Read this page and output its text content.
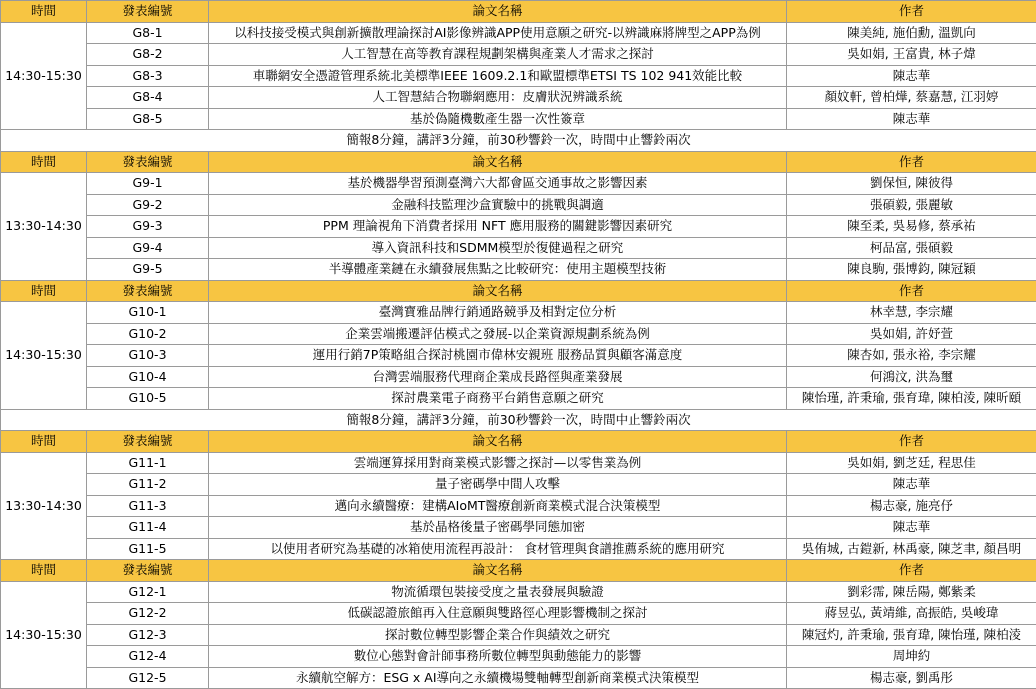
時間	發表編號	論文名稱	作者
14:30-15:30	G8-1	以科技接受模式與創新擴散理論探討AI影像辨識APP使用意願之研究-以辨識麻將牌型之APP為例	陳美純, 施伯勳, 溫凱向
	G8-2	人工智慧在高等教育課程規劃架構與產業人才需求之探討	吳如娟, 王富貴, 林子煒
	G8-3	車聯網安全憑證管理系統北美標準IEEE 1609.2.1和歐盟標準ETSI TS 102 941效能比較	陳志華
	G8-4	人工智慧結合物聯網應用：皮膚狀況辨識系統	顏妏軒, 曾柏燁, 蔡嘉慧, 江羽婷
	G8-5	基於偽隨機數產生器一次性簽章	陳志華
簡報8分鐘，講評3分鐘，前30秒響鈴一次，時間中止響鈴兩次			
時間	發表編號	論文名稱	作者
13:30-14:30	G9-1	基於機器學習預測臺灣六大都會區交通事故之影響因素	劉保恒, 陳彼得
	G9-2	金融科技監理沙盒實驗中的挑戰與調適	張碩毅, 張麗敏
	G9-3	PPM 理論視角下消費者採用 NFT 應用服務的關鍵影響因素研究	陳至柔, 吳易修, 蔡承祐
	G9-4	導入資訊科技和SDMM模型於復健過程之研究	柯品富, 張碩毅
	G9-5	半導體產業鏈在永續發展焦點之比較研究：使用主題模型技術	陳良駒, 張博鈞, 陳冠穎
時間	發表編號	論文名稱	作者
14:30-15:30	G10-1	臺灣寶雅品牌行銷通路競爭及相對定位分析	林幸慧, 李宗耀
	G10-2	企業雲端搬遷評估模式之發展-以企業資源規劃系統為例	吳如娟, 許妤萱
	G10-3	運用行銷7P策略組合探討桃園市偉林安親班 服務品質與顧客滿意度	陳杏如, 張永裕, 李宗耀
	G10-4	台灣雲端服務代理商企業成長路徑與產業發展	何鴻汶, 洪為璽
	G10-5	探討農業電子商務平台銷售意願之研究	陳怡瑾, 許秉瑜, 張育瑋, 陳柏淩, 陳昕頤
簡報8分鐘，講評3分鐘，前30秒響鈴一次，時間中止響鈴兩次			
時間	發表編號	論文名稱	作者
13:30-14:30	G11-1	雲端運算採用對商業模式影響之探討—以零售業為例	吳如娟, 劉芝廷, 程思佳
	G11-2	量子密碼學中間人攻擊	陳志華
	G11-3	邁向永續醫療：建構AIoMT醫療創新商業模式混合決策模型	楊志豪, 施亮伃
	G11-4	基於晶格後量子密碼學同態加密	陳志華
	G11-5	以使用者研究為基礎的冰箱使用流程再設計： 食材管理與食譜推薦系統的應用研究	吳侑城, 古鎧新, 林禹豪, 陳芝聿, 顏昌明
時間	發表編號	論文名稱	作者
14:30-15:30	G12-1	物流循環包裝接受度之量表發展與驗證	劉彩霈, 陳岳陽, 鄭紫柔
	G12-2	低碳認證旅館再入住意願與雙路徑心理影響機制之探討	蔣昱弘, 黃靖維, 高振皓, 吳峻瑋
	G12-3	探討數位轉型影響企業合作與績效之研究	陳冠灼, 許秉瑜, 張育瑋, 陳怡瑾, 陳柏淩
	G12-4	數位心態對會計師事務所數位轉型與動態能力的影響	周坤約
	G12-5	永續航空解方：ESG x AI導向之永續機場雙軸轉型創新商業模式決策模型	楊志豪, 劉禹彤
